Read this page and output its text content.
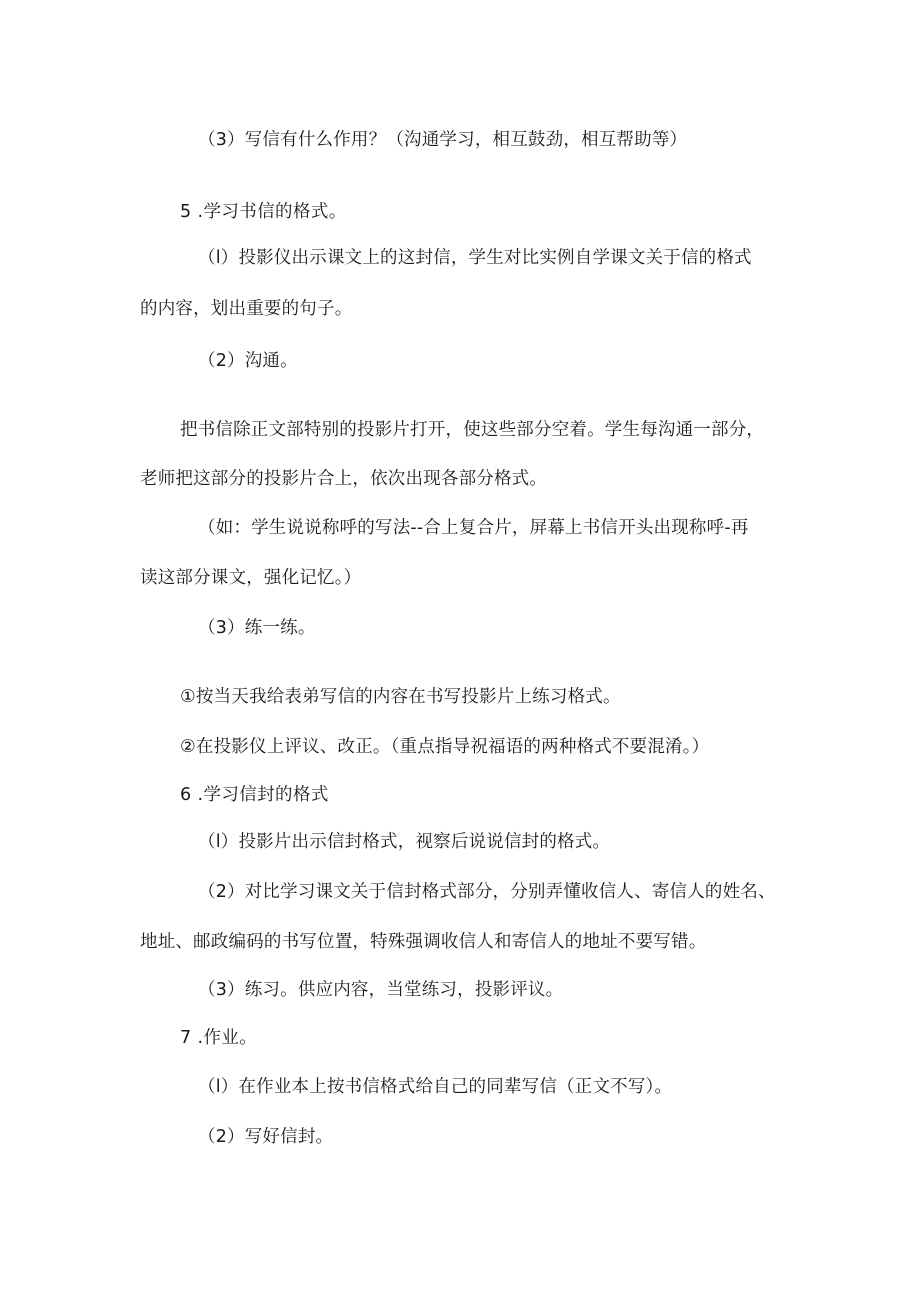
（3）写信有什么作用？（沟通学习，相互鼓劲，相互帮助等）
5 .学习书信的格式。
（l）投影仪出示课文上的这封信，学生对比实例自学课文关于信的格式
的内容，划出重要的句子。
（2）沟通。
把书信除正文部特别的投影片打开，使这些部分空着。学生每沟通一部分，
老师把这部分的投影片合上，依次出现各部分格式。
（如：学生说说称呼的写法--合上复合片，屏幕上书信开头出现称呼-再
读这部分课文，强化记忆。）
（3）练一练。
①按当天我给表弟写信的内容在书写投影片上练习格式。
②在投影仪上评议、改正。（重点指导祝福语的两种格式不要混淆。）
6 .学习信封的格式
（l）投影片出示信封格式，视察后说说信封的格式。
（2）对比学习课文关于信封格式部分，分别弄懂收信人、寄信人的姓名、
地址、邮政编码的书写位置，特殊强调收信人和寄信人的地址不要写错。
（3）练习。供应内容，当堂练习，投影评议。
7 .作业。
（l）在作业本上按书信格式给自己的同辈写信（正文不写）。
（2）写好信封。
